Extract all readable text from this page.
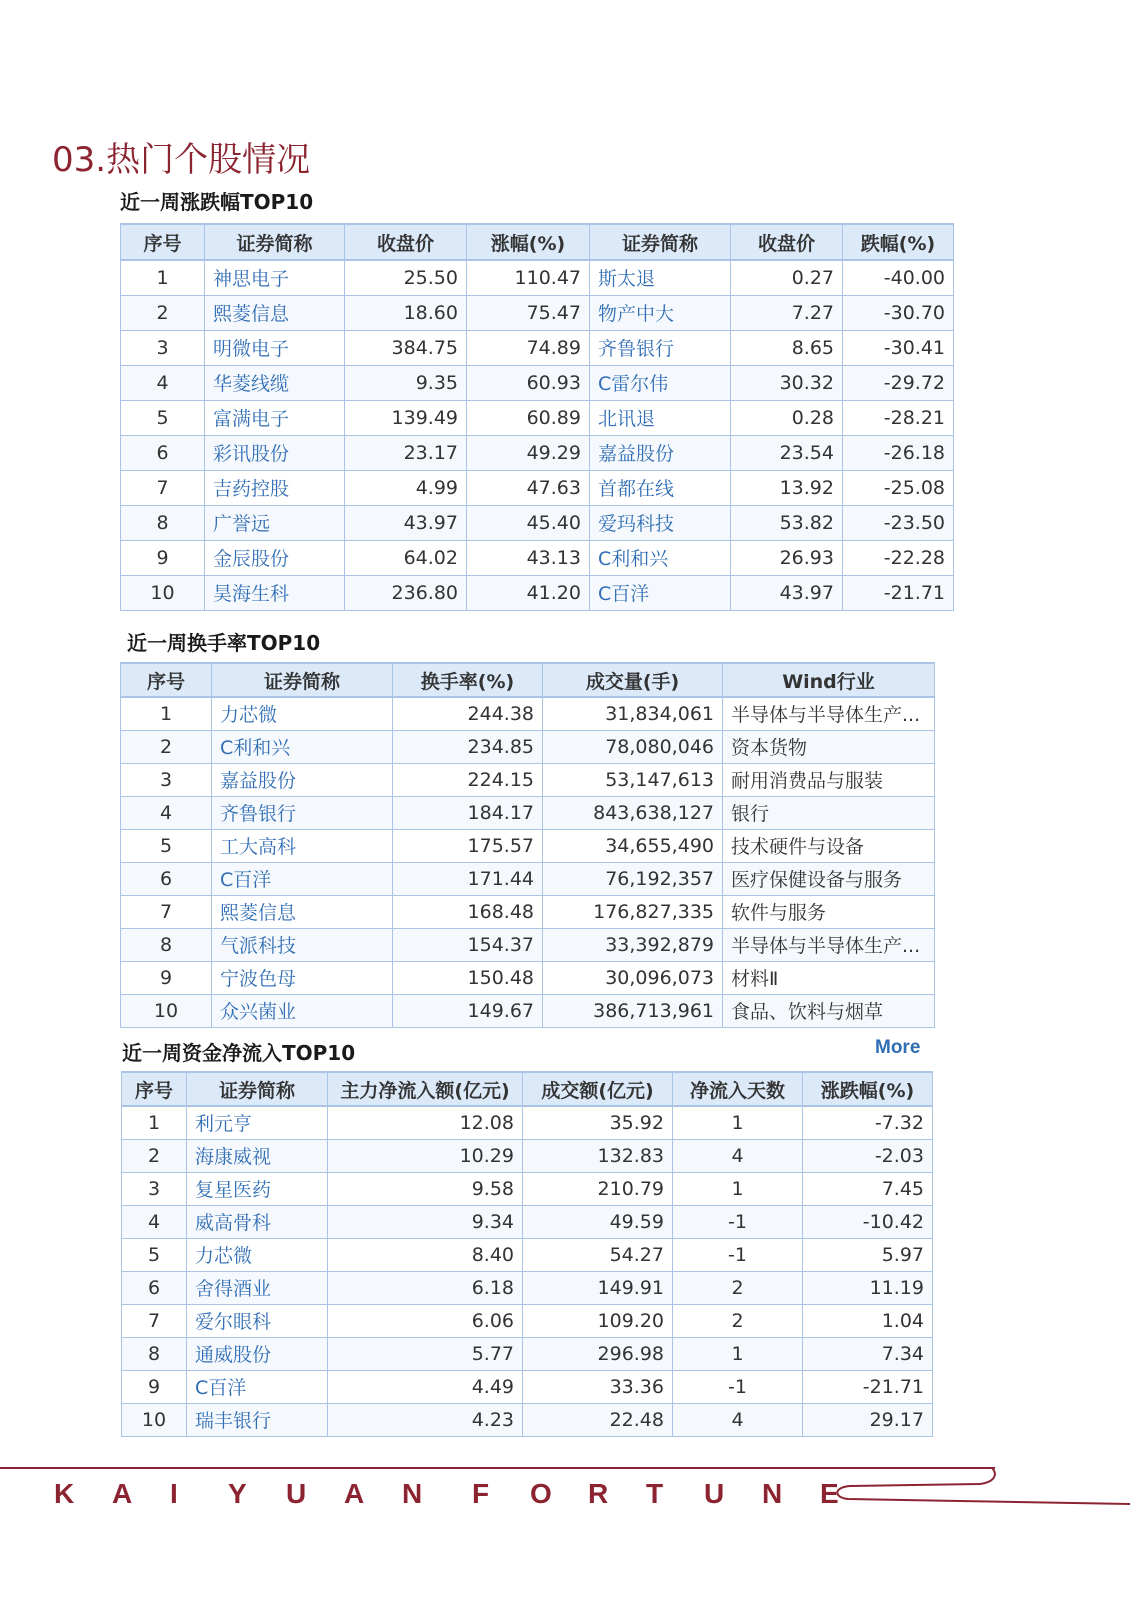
03.热门个股情况
近一周涨跌幅TOP10
序号	证券简称	收盘价	涨幅(%)	证券简称	收盘价	跌幅(%)
1	神思电子	25.50	110.47	斯太退	0.27	-40.00
2	熙菱信息	18.60	75.47	物产中大	7.27	-30.70
3	明微电子	384.75	74.89	齐鲁银行	8.65	-30.41
4	华菱线缆	9.35	60.93	C雷尔伟	30.32	-29.72
5	富满电子	139.49	60.89	北讯退	0.28	-28.21
6	彩讯股份	23.17	49.29	嘉益股份	23.54	-26.18
7	吉药控股	4.99	47.63	首都在线	13.92	-25.08
8	广誉远	43.97	45.40	爱玛科技	53.82	-23.50
9	金辰股份	64.02	43.13	C利和兴	26.93	-22.28
10	昊海生科	236.80	41.20	C百洋	43.97	-21.71
近一周换手率TOP10
序号	证券简称	换手率(%)	成交量(手)	Wind行业
1	力芯微	244.38	31,834,061	半导体与半导体生产...
2	C利和兴	234.85	78,080,046	资本货物
3	嘉益股份	224.15	53,147,613	耐用消费品与服装
4	齐鲁银行	184.17	843,638,127	银行
5	工大高科	175.57	34,655,490	技术硬件与设备
6	C百洋	171.44	76,192,357	医疗保健设备与服务
7	熙菱信息	168.48	176,827,335	软件与服务
8	气派科技	154.37	33,392,879	半导体与半导体生产...
9	宁波色母	150.48	30,096,073	材料Ⅱ
10	众兴菌业	149.67	386,713,961	食品、饮料与烟草
近一周资金净流入TOP10	More
序号	证券简称	主力净流入额(亿元)	成交额(亿元)	净流入天数	涨跌幅(%)
1	利元亨	12.08	35.92	1	-7.32
2	海康威视	10.29	132.83	4	-2.03
3	复星医药	9.58	210.79	1	7.45
4	威高骨科	9.34	49.59	-1	-10.42
5	力芯微	8.40	54.27	-1	5.97
6	舍得酒业	6.18	149.91	2	11.19
7	爱尔眼科	6.06	109.20	2	1.04
8	通威股份	5.77	296.98	1	7.34
9	C百洋	4.49	33.36	-1	-21.71
10	瑞丰银行	4.23	22.48	4	29.17
K A I Y U A N F O R T U N E
